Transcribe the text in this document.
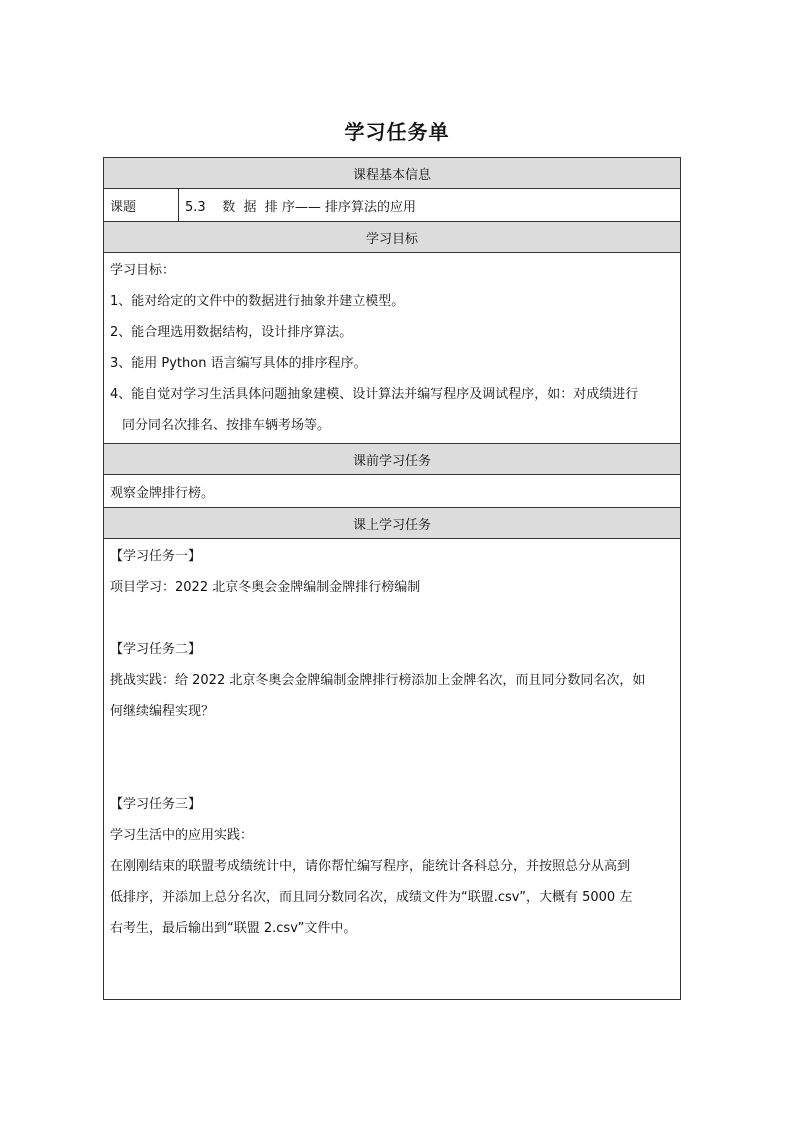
学习任务单
课程基本信息
课题	5.3    数  据  排 序—— 排序算法的应用
学习目标

学习目标：

1、能对给定的文件中的数据进行抽象并建立模型。

2、能合理选用数据结构，设计排序算法。

3、能用 Python 语言编写具体的排序程序。

4、能自觉对学习生活具体问题抽象建模、设计算法并编写程序及调试程序，如：对成绩进行

同分同名次排名、按排车辆考场等。

课前学习任务
观察金牌排行榜。
课上学习任务

【学习任务一】

项目学习：2022 北京冬奥会金牌编制金牌排行榜编制

【学习任务二】

挑战实践：给 2022 北京冬奥会金牌编制金牌排行榜添加上金牌名次，而且同分数同名次，如

何继续编程实现？

【学习任务三】

学习生活中的应用实践：

在刚刚结束的联盟考成绩统计中，请你帮忙编写程序，能统计各科总分，并按照总分从高到

低排序，并添加上总分名次，而且同分数同名次，成绩文件为“联盟.csv”，大概有 5000 左

右考生，最后输出到“联盟 2.csv”文件中。
